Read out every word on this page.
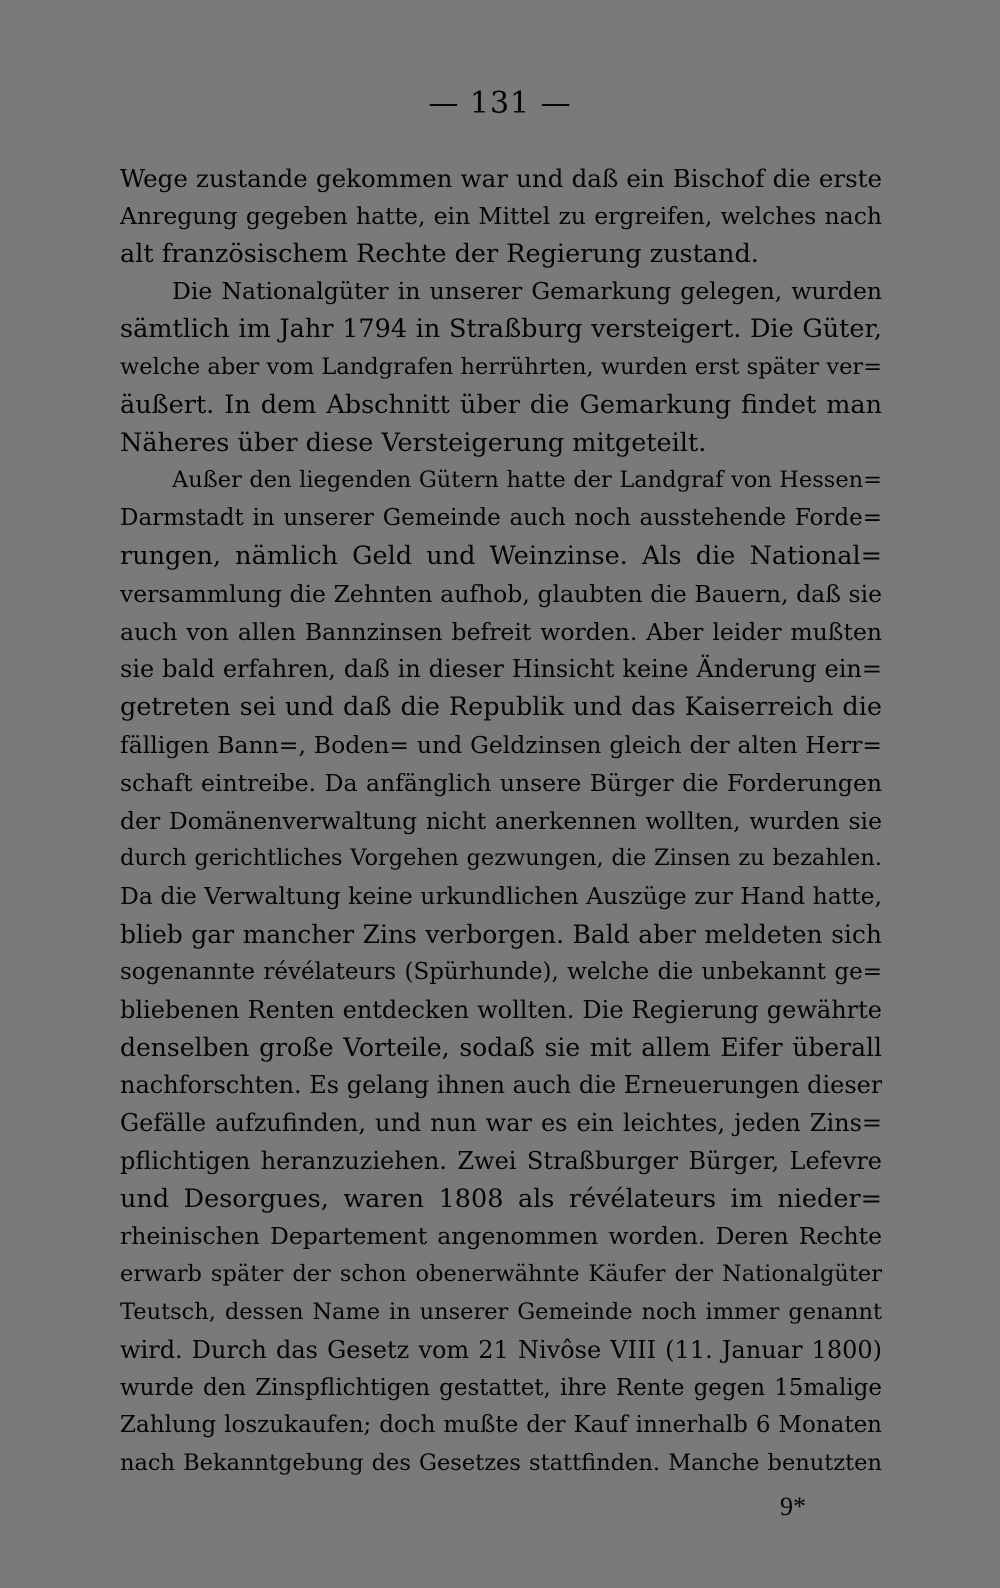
— 131 —
Wege zustande gekommen war und daß ein Bischof die erste
Anregung gegeben hatte, ein Mittel zu ergreifen, welches nach
alt französischem Rechte der Regierung zustand.
Die Nationalgüter in unserer Gemarkung gelegen, wurden
sämtlich im Jahr 1794 in Straßburg versteigert. Die Güter,
welche aber vom Landgrafen herrührten, wurden erst später ver=
äußert. In dem Abschnitt über die Gemarkung findet man
Näheres über diese Versteigerung mitgeteilt.
Außer den liegenden Gütern hatte der Landgraf von Hessen=
Darmstadt in unserer Gemeinde auch noch ausstehende Forde=
rungen, nämlich Geld und Weinzinse. Als die National=
versammlung die Zehnten aufhob, glaubten die Bauern, daß sie
auch von allen Bannzinsen befreit worden. Aber leider mußten
sie bald erfahren, daß in dieser Hinsicht keine Änderung ein=
getreten sei und daß die Republik und das Kaiserreich die
fälligen Bann=, Boden= und Geldzinsen gleich der alten Herr=
schaft eintreibe. Da anfänglich unsere Bürger die Forderungen
der Domänenverwaltung nicht anerkennen wollten, wurden sie
durch gerichtliches Vorgehen gezwungen, die Zinsen zu bezahlen.
Da die Verwaltung keine urkundlichen Auszüge zur Hand hatte,
blieb gar mancher Zins verborgen. Bald aber meldeten sich
sogenannte révélateurs (Spürhunde), welche die unbekannt ge=
bliebenen Renten entdecken wollten. Die Regierung gewährte
denselben große Vorteile, sodaß sie mit allem Eifer überall
nachforschten. Es gelang ihnen auch die Erneuerungen dieser
Gefälle aufzufinden, und nun war es ein leichtes, jeden Zins=
pflichtigen heranzuziehen. Zwei Straßburger Bürger, Lefevre
und Desorgues, waren 1808 als révélateurs im nieder=
rheinischen Departement angenommen worden. Deren Rechte
erwarb später der schon obenerwähnte Käufer der Nationalgüter
Teutsch, dessen Name in unserer Gemeinde noch immer genannt
wird. Durch das Gesetz vom 21 Nivôse VIII (11. Januar 1800)
wurde den Zinspflichtigen gestattet, ihre Rente gegen 15malige
Zahlung loszukaufen; doch mußte der Kauf innerhalb 6 Monaten
nach Bekanntgebung des Gesetzes stattfinden. Manche benutzten
9*
